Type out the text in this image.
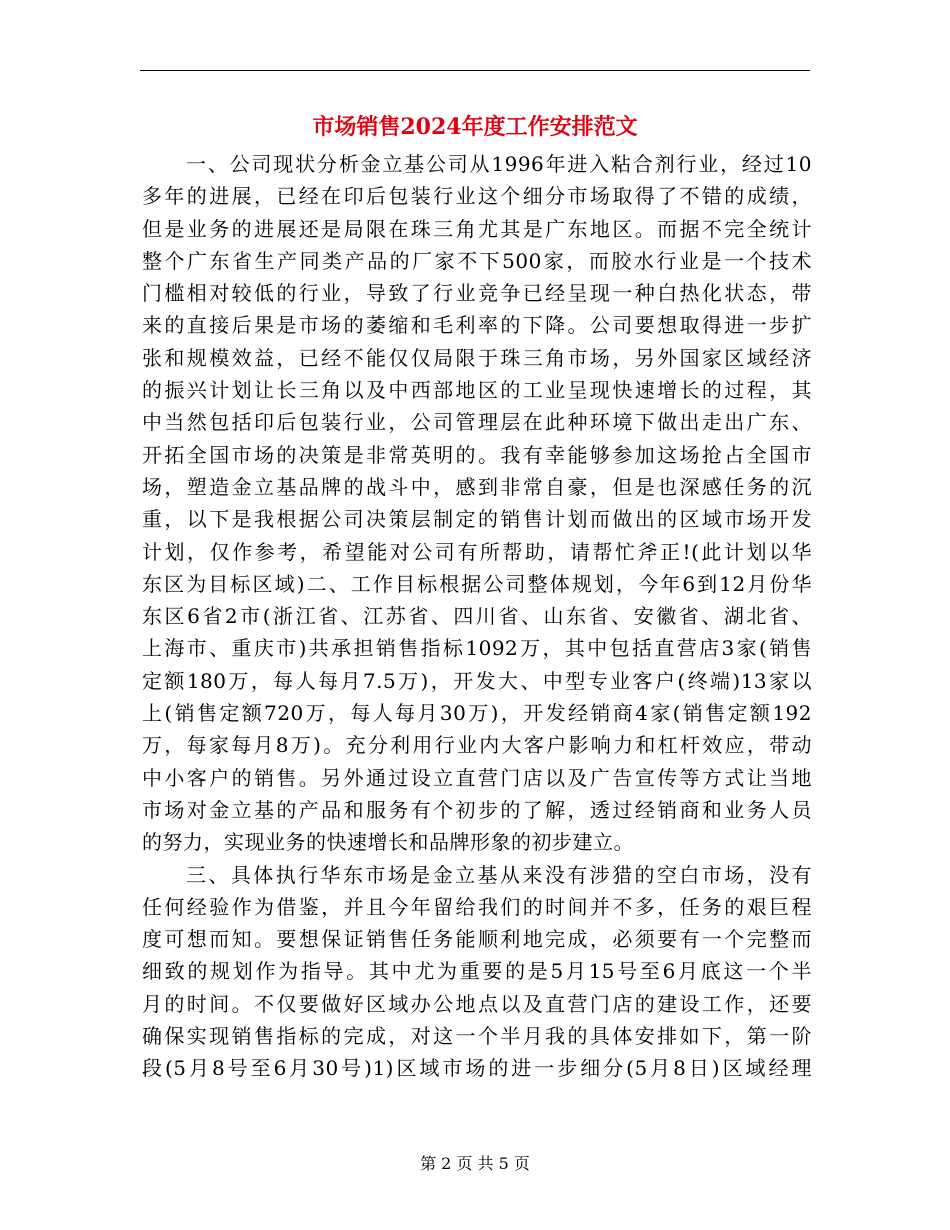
市场销售2024年度工作安排范文
一、公司现状分析金立基公司从1996年进入粘合剂行业，经过10
多年的进展，已经在印后包装行业这个细分市场取得了不错的成绩，
但是业务的进展还是局限在珠三角尤其是广东地区。而据不完全统计
整个广东省生产同类产品的厂家不下500家，而胶水行业是一个技术
门槛相对较低的行业，导致了行业竞争已经呈现一种白热化状态，带
来的直接后果是市场的萎缩和毛利率的下降。公司要想取得进一步扩
张和规模效益，已经不能仅仅局限于珠三角市场，另外国家区域经济
的振兴计划让长三角以及中西部地区的工业呈现快速增长的过程，其
中当然包括印后包装行业，公司管理层在此种环境下做出走出广东、
开拓全国市场的决策是非常英明的。我有幸能够参加这场抢占全国市
场，塑造金立基品牌的战斗中，感到非常自豪，但是也深感任务的沉
重，以下是我根据公司决策层制定的销售计划而做出的区域市场开发
计划，仅作参考，希望能对公司有所帮助，请帮忙斧正!(此计划以华
东区为目标区域)二、工作目标根据公司整体规划，今年6到12月份华
东区6省2市(浙江省、江苏省、四川省、山东省、安徽省、湖北省、
上海市、重庆市)共承担销售指标1092万，其中包括直营店3家(销售
定额180万，每人每月7.5万)，开发大、中型专业客户(终端)13家以
上(销售定额720万，每人每月30万)，开发经销商4家(销售定额192
万，每家每月8万)。充分利用行业内大客户影响力和杠杆效应，带动
中小客户的销售。另外通过设立直营门店以及广告宣传等方式让当地
市场对金立基的产品和服务有个初步的了解，透过经销商和业务人员
的努力，实现业务的快速增长和品牌形象的初步建立。
三、具体执行华东市场是金立基从来没有涉猎的空白市场，没有
任何经验作为借鉴，并且今年留给我们的时间并不多，任务的艰巨程
度可想而知。要想保证销售任务能顺利地完成，必须要有一个完整而
细致的规划作为指导。其中尤为重要的是5月15号至6月底这一个半
月的时间。不仅要做好区域办公地点以及直营门店的建设工作，还要
确保实现销售指标的完成，对这一个半月我的具体安排如下，第一阶
段(5月8号至6月30号)1)区域市场的进一步细分(5月8日)区域经理
第 2 页 共 5 页
